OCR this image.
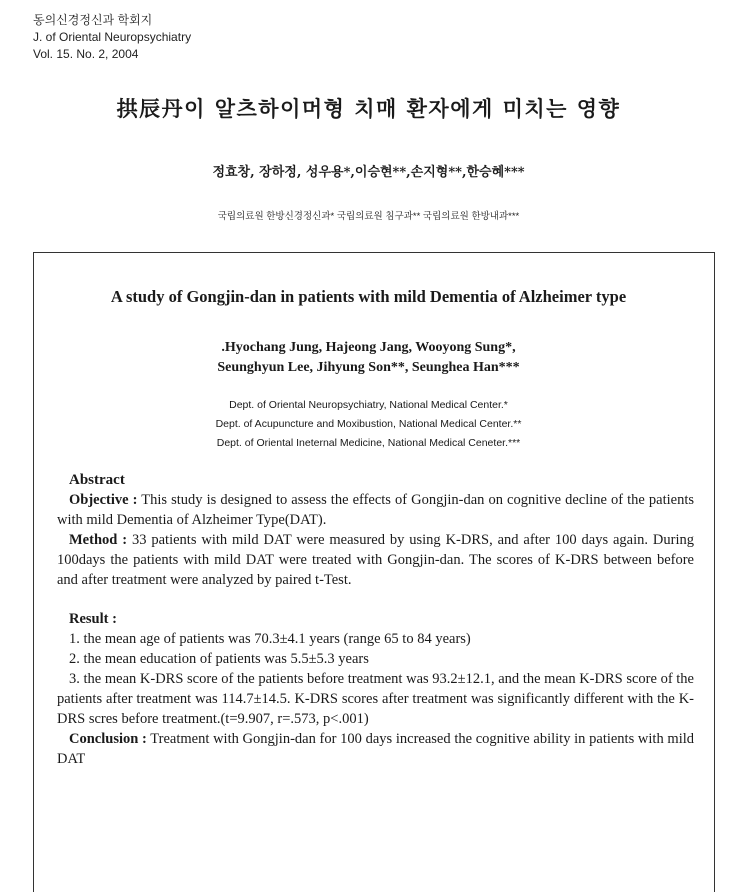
동의신경정신과 학회지
J. of Oriental Neuropsychiatry
Vol. 15. No. 2, 2004
拱辰丹이 알츠하이머형 치매 환자에게 미치는 영향
정효창, 장하정, 성우용*,이승현**,손지형**,한승혜***
국립의료원 한방신경정신과* 국립의료원 침구과** 국립의료원 한방내과***
A study of Gongjin-dan in patients with mild Dementia of Alzheimer type
.Hyochang Jung, Hajeong Jang, Wooyong Sung*,
Seunghyun Lee, Jihyung Son**, Seunghea Han***
Dept. of Oriental Neuropsychiatry, National Medical Center.*
Dept. of Acupuncture and Moxibustion, National Medical Center.**
Dept. of Oriental Ineternal Medicine, National Medical Ceneter.***
Abstract

Objective : This study is designed to assess the effects of Gongjin-dan on cognitive decline of the patients with mild Dementia of Alzheimer Type(DAT).

Method : 33 patients with mild DAT were measured by using K-DRS, and after 100 days again. During 100days the patients with mild DAT were treated with Gongjin-dan. The scores of K-DRS between before and after treatment were analyzed by paired t-Test.

Result :

1. the mean age of patients was 70.3±4.1 years (range 65 to 84 years)

2. the mean education of patients was 5.5±5.3 years

3. the mean K-DRS score of the patients before treatment was 93.2±12.1, and the mean K-DRS score of the patients after treatment was 114.7±14.5. K-DRS scores after treatment was significantly different with the K-DRS scres before treatment.(t=9.907, r=.573, p<.001)

Conclusion : Treatment with Gongjin-dan for 100 days increased the cognitive ability in patients with mild DAT
